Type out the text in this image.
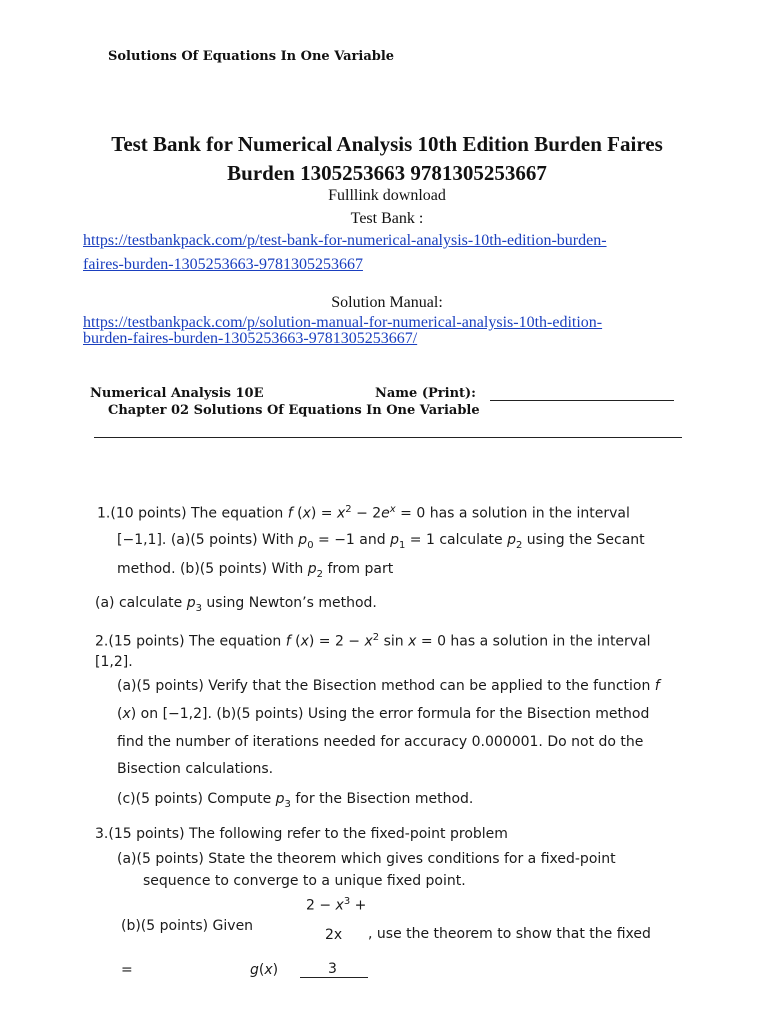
Solutions Of Equations In One Variable
Test Bank for Numerical Analysis 10th Edition Burden Faires Burden 1305253663 9781305253667
Fulllink download
Test Bank :
https://testbankpack.com/p/test-bank-for-numerical-analysis-10th-edition-burden-
faires-burden-1305253663-9781305253667
Solution Manual:
https://testbankpack.com/p/solution-manual-for-numerical-analysis-10th-edition-
burden-faires-burden-1305253663-9781305253667/
Numerical Analysis 10E	Name (Print):
Chapter 02 Solutions Of Equations In One Variable
1.(10 points) The equation f $(x) = x^2 - 2e^x = 0$ has a solution in the interval
[−1,1]. (a)(5 points) With $p_0 = -1$ and $p_1 = 1$ calculate $p_2$ using the Secant
method. (b)(5 points) With $p_2$ from part
(a) calculate $p_3$ using Newton’s method.
2.(15 points) The equation f $(x) = 2 - x^2$ sin x = 0 has a solution in the interval
[1,2].
(a)(5 points) Verify that the Bisection method can be applied to the function f
(x) on [−1,2]. (b)(5 points) Using the error formula for the Bisection method
find the number of iterations needed for accuracy 0.000001. Do not do the
Bisection calculations.
(c)(5 points) Compute $p_3$ for the Bisection method.
3.(15 points) The following refer to the fixed-point problem
(a)(5 points) State the theorem which gives conditions for a fixed-point
sequence to converge to a unique fixed point.
$2 - x^3$ +
(b)(5 points) Given
2x , use the theorem to show that the fixed
=	g(x)	3
